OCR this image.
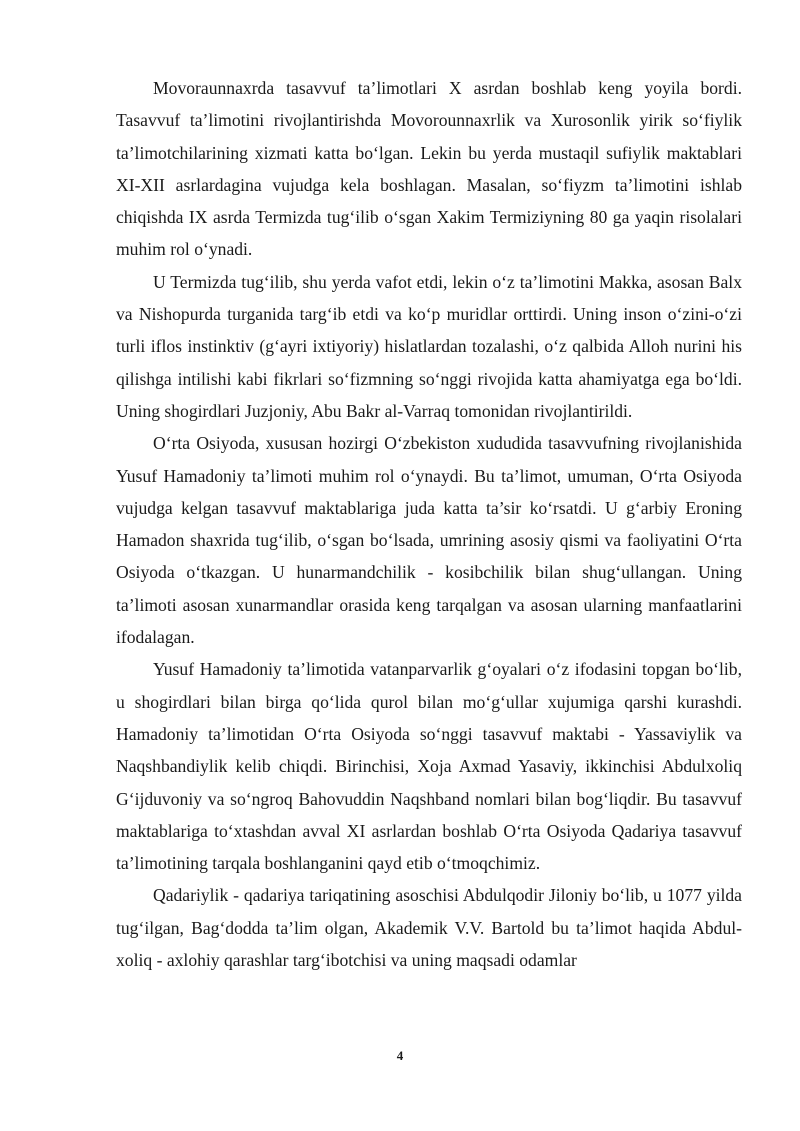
Movoraunnaxrda tasavvuf ta’limotlari X asrdan boshlab keng yoyila bordi. Tasavvuf ta’limotini rivojlantirishda Movorounnaxrlik va Xurosonlik yirik so‘fiylik ta’limotchilarining xizmati katta bo‘lgan. Lekin bu yerda mustaqil sufiylik maktablari XI-XII asrlardagina vujudga kela boshlagan. Masalan, so‘fiyzm ta’limotini ishlab chiqishda IX asrda Termizda tug‘ilib o‘sgan Xakim Termiziyning 80 ga yaqin risolalari muhim rol o‘ynadi.

U Termizda tug‘ilib, shu yerda vafot etdi, lekin o‘z ta’limotini Makka, asosan Balx va Nishopurda turganida targ‘ib etdi va ko‘p muridlar orttirdi. Uning inson o‘zini-o‘zi turli iflos instinktiv (g‘ayri ixtiyoriy) hislatlardan tozalashi, o‘z qalbida Alloh nurini his qilishga intilishi kabi fikrlari so‘fizmning so‘nggi rivojida katta ahamiyatga ega bo‘ldi. Uning shogirdlari Juzjoniy, Abu Bakr al-Varraq tomonidan rivojlantirildi.

O‘rta Osiyoda, xususan hozirgi O‘zbekiston xududida tasavvufning rivojlanishida Yusuf Hamadoniy ta’limoti muhim rol o‘ynaydi. Bu ta’limot, umuman, O‘rta Osiyoda vujudga kelgan tasavvuf maktablariga juda katta ta’sir ko‘rsatdi. U g‘arbiy Eroning Hamadon shaxrida tug‘ilib, o‘sgan bo‘lsada, umrining asosiy qismi va faoliyatini O‘rta Osiyoda o‘tkazgan. U hunarmandchilik - kosibchilik bilan shug‘ullangan. Uning ta’limoti asosan xunarmandlar orasida keng tarqalgan va asosan ularning manfaatlarini ifodalagan.

Yusuf Hamadoniy ta’limotida vatanparvarlik g‘oyalari o‘z ifodasini topgan bo‘lib, u shogirdlari bilan birga qo‘lida qurol bilan mo‘g‘ullar xujumiga qarshi kurashdi. Hamadoniy ta’limotidan O‘rta Osiyoda so‘nggi tasavvuf maktabi - Yassaviylik va Naqshbandiylik kelib chiqdi. Birinchisi, Xoja Axmad Yasaviy, ikkinchisi Abdulxoliq G‘ijduvoniy va so‘ngroq Bahovuddin Naqshband nomlari bilan bog‘liqdir. Bu tasavvuf maktablariga to‘xtashdan avval XI asrlardan boshlab O‘rta Osiyoda Qadariya tasavvuf ta’limotining tarqala boshlanganini qayd etib o‘tmoqchimiz.

Qadariylik - qadariya tariqatining asoschisi Abdulqodir Jiloniy bo‘lib, u 1077 yilda tug‘ilgan, Bag‘dodda ta’lim olgan, Akademik V.V. Bartold bu ta’limot haqida Abdul-xoliq - axlohiy qarashlar targ‘ibotchisi va uning maqsadi odamlar

4
